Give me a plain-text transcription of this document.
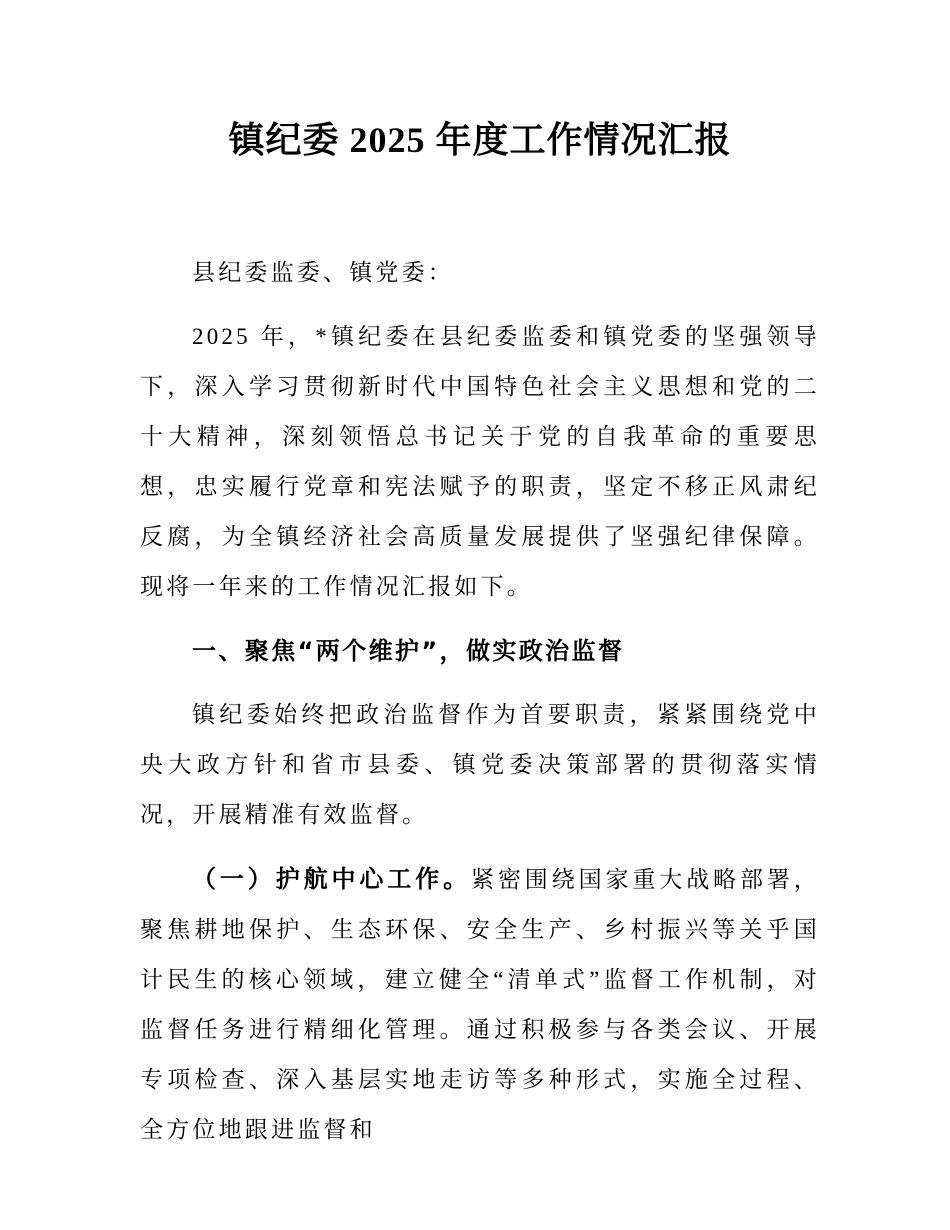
镇纪委 2025 年度工作情况汇报

县纪委监委、镇党委：

2025 年，*镇纪委在县纪委监委和镇党委的坚强领导下，深入学习贯彻新时代中国特色社会主义思想和党的二十大精神，深刻领悟总书记关于党的自我革命的重要思想，忠实履行党章和宪法赋予的职责，坚定不移正风肃纪反腐，为全镇经济社会高质量发展提供了坚强纪律保障。现将一年来的工作情况汇报如下。

一、聚焦“两个维护”，做实政治监督

镇纪委始终把政治监督作为首要职责，紧紧围绕党中央大政方针和省市县委、镇党委决策部署的贯彻落实情况，开展精准有效监督。

（一）护航中心工作。紧密围绕国家重大战略部署，聚焦耕地保护、生态环保、安全生产、乡村振兴等关乎国计民生的核心领域，建立健全“清单式”监督工作机制，对监督任务进行精细化管理。通过积极参与各类会议、开展专项检查、深入基层实地走访等多种形式，实施全过程、全方位地跟进监督和
